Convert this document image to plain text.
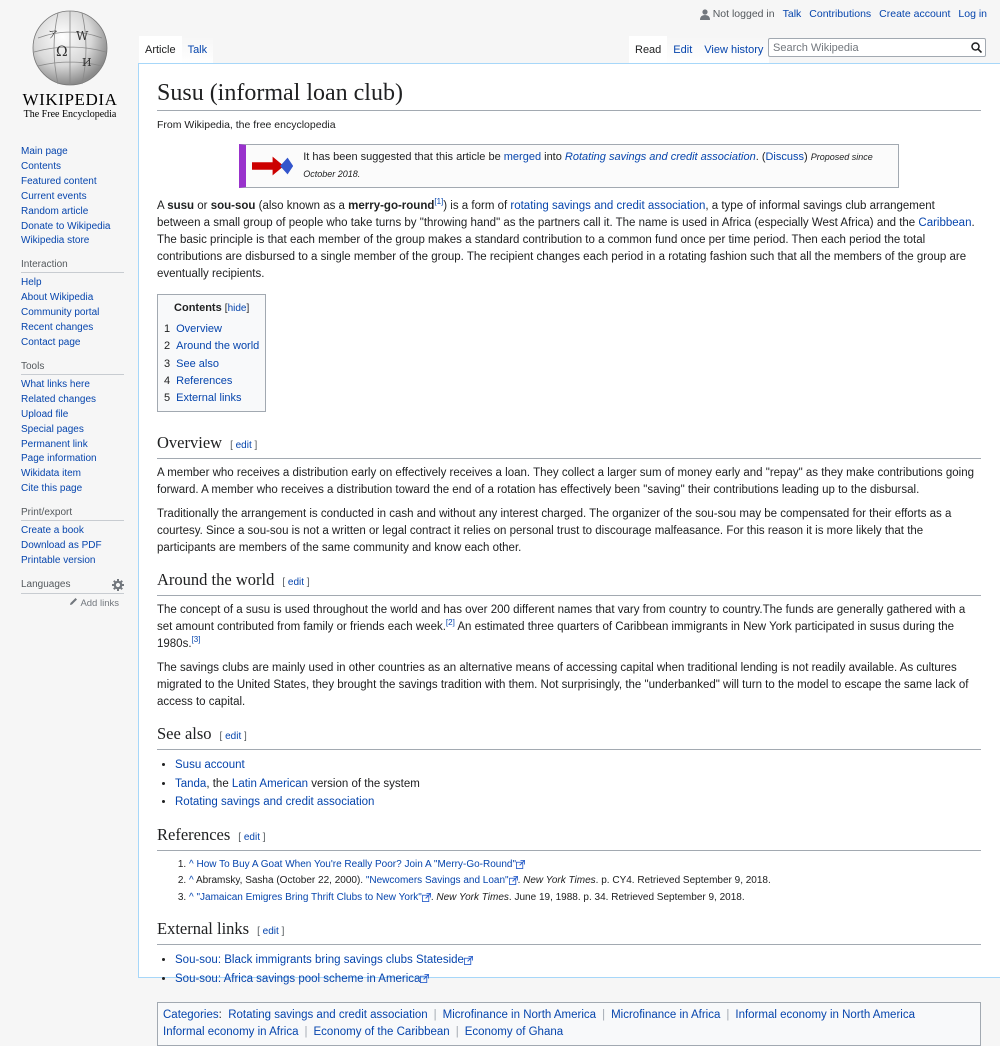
Ω
W
И
ア
WIKIPEDIA
The Free Encyclopedia
Not logged in Talk Contributions Create account Log in
Article	Talk	Read	Edit	View history Search Wikipedia
Main page
Contents
Featured content
Current events
Random article
Donate to Wikipedia
Wikipedia store
Interaction
Help
About Wikipedia
Community portal
Recent changes
Contact page
Tools
What links here
Related changes
Upload file
Special pages
Permanent link
Page information
Wikidata item
Cite this page
Print/export
Create a book
Download as PDF
Printable version
Languages
Add links
Susu (informal loan club)
From Wikipedia, the free encyclopedia
It has been suggested that this article be merged into Rotating savings and credit association. (Discuss) Proposed since October 2018.

A susu or sou-sou (also known as a merry-go-round[1]) is a form of rotating savings and credit association, a type of informal savings club arrangement between a small group of people who take turns by "throwing hand" as the partners call it. The name is used in Africa (especially West Africa) and the Caribbean. The basic principle is that each member of the group makes a standard contribution to a common fund once per time period. Then each period the total contributions are disbursed to a single member of the group. The recipient changes each period in a rotating fashion such that all the members of the group are eventually recipients.

Contents [hide]
1 Overview
2 Around the world
3 See also
4 References
5 External links
Overview [ edit ]

A member who receives a distribution early on effectively receives a loan. They collect a larger sum of money early and "repay" as they make contributions going forward. A member who receives a distribution toward the end of a rotation has effectively been "saving" their contributions leading up to the disbursal.

Traditionally the arrangement is conducted in cash and without any interest charged. The organizer of the sou-sou may be compensated for their efforts as a courtesy. Since a sou-sou is not a written or legal contract it relies on personal trust to discourage malfeasance. For this reason it is more likely that the participants are members of the same community and know each other.

Around the world [ edit ]

The concept of a susu is used throughout the world and has over 200 different names that vary from country to country.The funds are generally gathered with a set amount contributed from family or friends each week.[2] An estimated three quarters of Caribbean immigrants in New York participated in susus during the 1980s.[3]

The savings clubs are mainly used in other countries as an alternative means of accessing capital when traditional lending is not readily available. As cultures migrated to the United States, they brought the savings tradition with them. Not surprisingly, the "underbanked" will turn to the model to escape the same lack of access to capital.

See also [ edit ]
• Susu account
• Tanda, the Latin American version of the system
• Rotating savings and credit association
References [ edit ]
1. ^ How To Buy A Goat When You're Really Poor? Join A "Merry-Go-Round"
2. ^ Abramsky, Sasha (October 22, 2000). "Newcomers Savings and Loan" . New York Times. p. CY4. Retrieved September 9, 2018.
3. ^ "Jamaican Emigres Bring Thrift Clubs to New York" . New York Times. June 19, 1988. p. 34. Retrieved September 9, 2018.
External links [ edit ]
• Sou-sou: Black immigrants bring savings clubs Stateside
• Sou-sou: Africa savings pool scheme in America
Categories: Rotating savings and credit association | Microfinance in North America | Microfinance in Africa | Informal economy in North America
Informal economy in Africa | Economy of the Caribbean | Economy of Ghana
